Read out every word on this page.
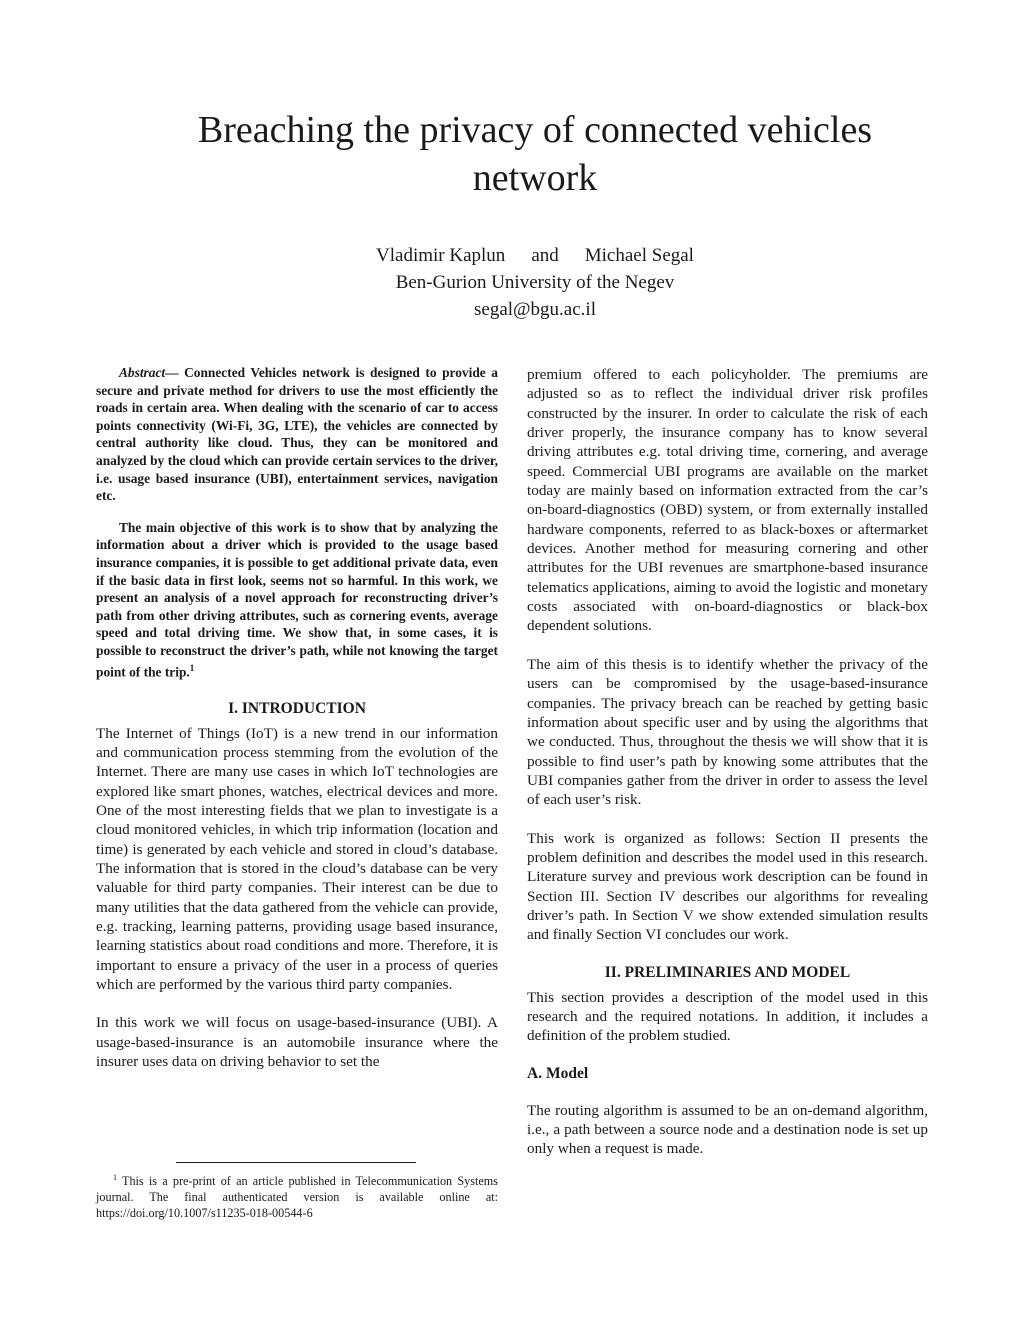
Breaching the privacy of connected vehicles network
Vladimir Kaplun and Michael Segal
Ben-Gurion University of the Negev
segal@bgu.ac.il

Abstract— Connected Vehicles network is designed to provide a secure and private method for drivers to use the most efficiently the roads in certain area. When dealing with the scenario of car to access points connectivity (Wi-Fi, 3G, LTE), the vehicles are connected by central authority like cloud. Thus, they can be monitored and analyzed by the cloud which can provide certain services to the driver, i.e. usage based insurance (UBI), entertainment services, navigation etc.

The main objective of this work is to show that by analyzing the information about a driver which is provided to the usage based insurance companies, it is possible to get additional private data, even if the basic data in first look, seems not so harmful. In this work, we present an analysis of a novel approach for reconstructing driver’s path from other driving attributes, such as cornering events, average speed and total driving time. We show that, in some cases, it is possible to reconstruct the driver’s path, while not knowing the target point of the trip.$^1$

I. INTRODUCTION

The Internet of Things (IoT) is a new trend in our information and communication process stemming from the evolution of the Internet. There are many use cases in which IoT technologies are explored like smart phones, watches, electrical devices and more. One of the most interesting fields that we plan to investigate is a cloud monitored vehicles, in which trip information (location and time) is generated by each vehicle and stored in cloud’s database. The information that is stored in the cloud’s database can be very valuable for third party companies. Their interest can be due to many utilities that the data gathered from the vehicle can provide, e.g. tracking, learning patterns, providing usage based insurance, learning statistics about road conditions and more. Therefore, it is important to ensure a privacy of the user in a process of queries which are performed by the various third party companies.

In this work we will focus on usage-based-insurance (UBI). A usage-based-insurance is an automobile insurance where the insurer uses data on driving behavior to set the

$^1$ This is a pre-print of an article published in Telecommunication Systems journal. The final authenticated version is available online at: https://doi.org/10.1007/s11235-018-00544-6

premium offered to each policyholder. The premiums are adjusted so as to reflect the individual driver risk profiles constructed by the insurer. In order to calculate the risk of each driver properly, the insurance company has to know several driving attributes e.g. total driving time, cornering, and average speed. Commercial UBI programs are available on the market today are mainly based on information extracted from the car’s on-board-diagnostics (OBD) system, or from externally installed hardware components, referred to as black-boxes or aftermarket devices. Another method for measuring cornering and other attributes for the UBI revenues are smartphone-based insurance telematics applications, aiming to avoid the logistic and monetary costs associated with on-board-diagnostics or black-box dependent solutions.

The aim of this thesis is to identify whether the privacy of the users can be compromised by the usage-based-insurance companies. The privacy breach can be reached by getting basic information about specific user and by using the algorithms that we conducted. Thus, throughout the thesis we will show that it is possible to find user’s path by knowing some attributes that the UBI companies gather from the driver in order to assess the level of each user’s risk.

This work is organized as follows: Section II presents the problem definition and describes the model used in this research. Literature survey and previous work description can be found in Section III. Section IV describes our algorithms for revealing driver’s path. In Section V we show extended simulation results and finally Section VI concludes our work.

II. PRELIMINARIES AND MODEL

This section provides a description of the model used in this research and the required notations. In addition, it includes a definition of the problem studied.

A. Model

The routing algorithm is assumed to be an on-demand algorithm, i.e., a path between a source node and a destination node is set up only when a request is made.
